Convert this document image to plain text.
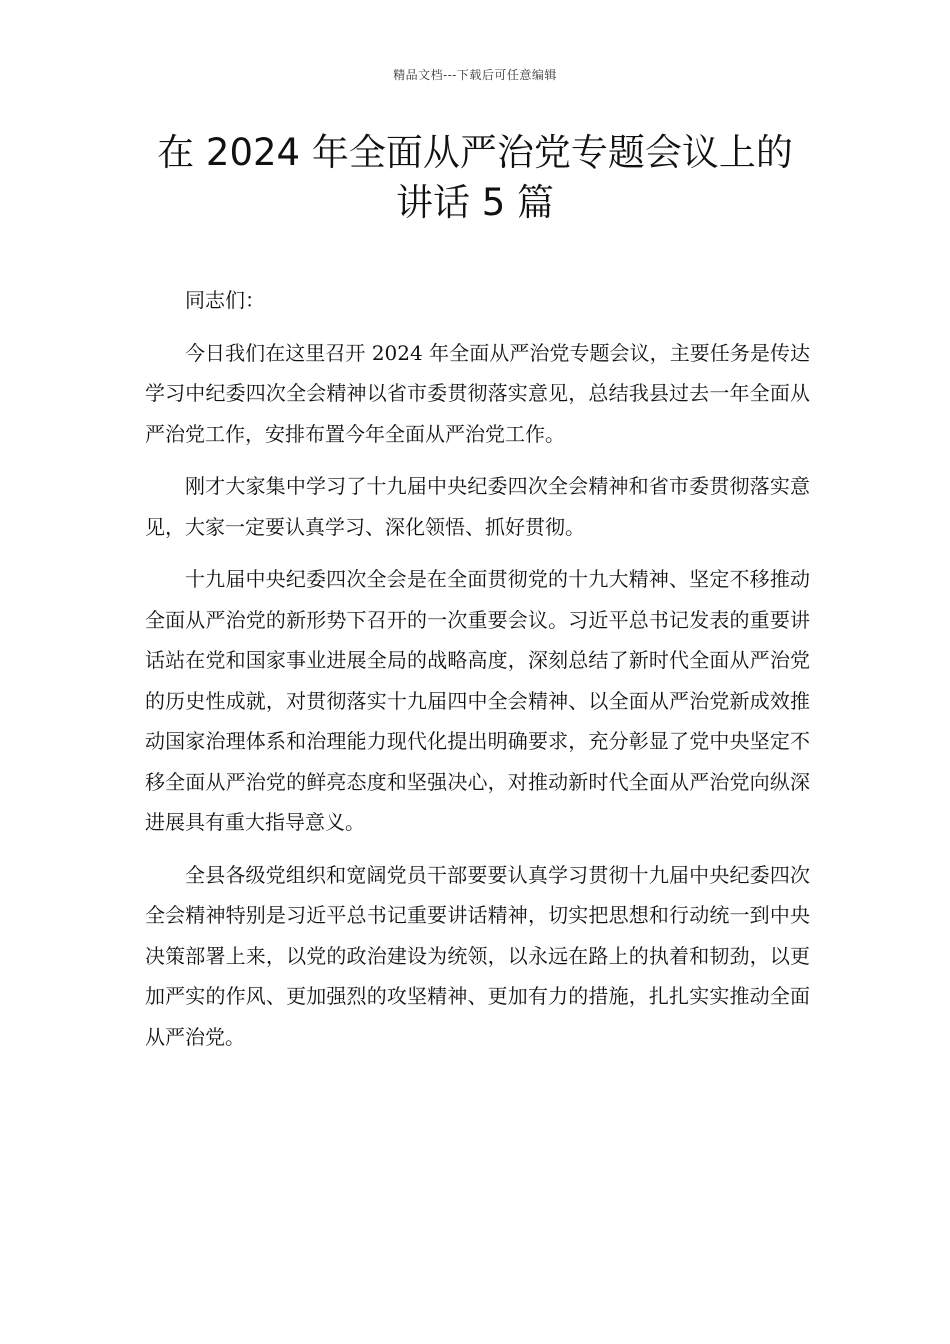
精品文档---下载后可任意编辑
在 2024 年全面从严治党专题会议上的
讲话 5 篇

同志们：

今日我们在这里召开 2024 年全面从严治党专题会议，主要任务是传达学习中纪委四次全会精神以省市委贯彻落实意见，总结我县过去一年全面从严治党工作，安排布置今年全面从严治党工作。

刚才大家集中学习了十九届中央纪委四次全会精神和省市委贯彻落实意见，大家一定要认真学习、深化领悟、抓好贯彻。

十九届中央纪委四次全会是在全面贯彻党的十九大精神、坚定不移推动全面从严治党的新形势下召开的一次重要会议。习近平总书记发表的重要讲话站在党和国家事业进展全局的战略高度，深刻总结了新时代全面从严治党的历史性成就，对贯彻落实十九届四中全会精神、以全面从严治党新成效推动国家治理体系和治理能力现代化提出明确要求，充分彰显了党中央坚定不移全面从严治党的鲜亮态度和坚强决心，对推动新时代全面从严治党向纵深进展具有重大指导意义。

全县各级党组织和宽阔党员干部要要认真学习贯彻十九届中央纪委四次全会精神特别是习近平总书记重要讲话精神，切实把思想和行动统一到中央决策部署上来，以党的政治建设为统领，以永远在路上的执着和韧劲，以更加严实的作风、更加强烈的攻坚精神、更加有力的措施，扎扎实实推动全面从严治党。
